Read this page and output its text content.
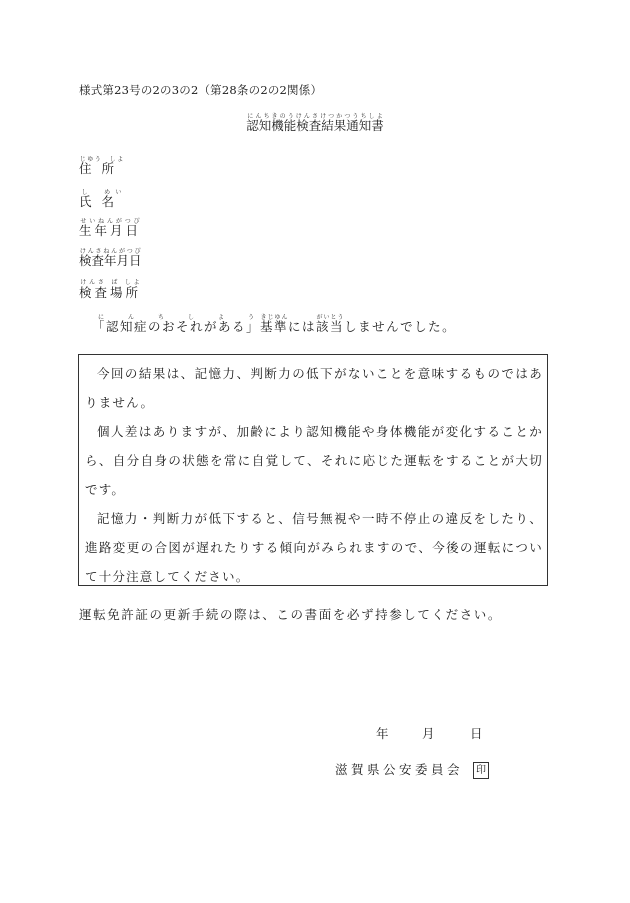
様式第23号の2の3の2（第28条の2の2関係）
認知機能検査結果通知書にんちきのうけんさけつかつうちしよ
住所じゆう　しよ
氏名し　めい
生年月日せいねんがつぴ
検査年月日けんさねんがつぴ
検査場所けんさ ば しよ
「認知症のおそれがある」にんちしよう基準きじゆんには該当がいとうしませんでした。

今回の結果は、記憶力、判断力の低下がないことを意味するものではありません。

個人差はありますが、加齢により認知機能や身体機能が変化することから、自分自身の状態を常に自覚して、それに応じた運転をすることが大切です。

記憶力・判断力が低下すると、信号無視や一時不停止の違反をしたり、進路変更の合図が遅れたりする傾向がみられますので、今後の運転について十分注意してください。

運転免許証の更新手続の際は、この書面を必ず持参してください。
年	月	日
滋賀県公安委員会 印
